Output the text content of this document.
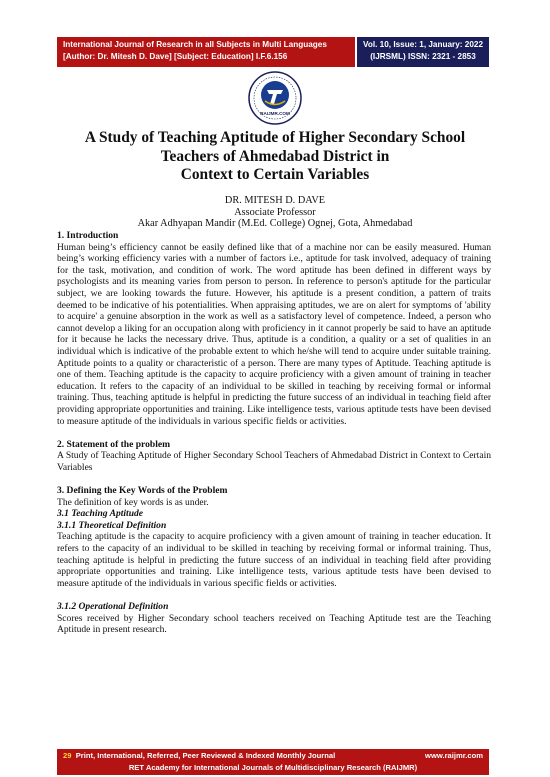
International Journal of Research in all Subjects in Multi Languages
[Author: Dr. Mitesh D. Dave] [Subject: Education] I.F.6.156
Vol. 10, Issue: 1, January: 2022
(IJRSML) ISSN: 2321 - 2853
RAIJMR.COM
A Study of Teaching Aptitude of Higher Secondary School
Teachers of Ahmedabad District in
Context to Certain Variables
DR. MITESH D. DAVE
Associate Professor
Akar Adhyapan Mandir (M.Ed. College) Ognej, Gota, Ahmedabad
1. Introduction

Human being’s efficiency cannot be easily defined like that of a machine nor can be easily measured. Human being’s working efficiency varies with a number of factors i.e., aptitude for task involved, adequacy of training for the task, motivation, and condition of work. The word aptitude has been defined in different ways by psychologists and its meaning varies from person to person. In reference to person's aptitude for the particular subject, we are looking towards the future. However, his aptitude is a present condition, a pattern of traits deemed to be indicative of his potentialities. When appraising aptitudes, we are on alert for symptoms of 'ability to acquire' a genuine absorption in the work as well as a satisfactory level of competence. Indeed, a person who cannot develop a liking for an occupation along with proficiency in it cannot properly be said to have an aptitude for it because he lacks the necessary drive. Thus, aptitude is a condition, a quality or a set of qualities in an individual which is indicative of the probable extent to which he/she will tend to acquire under suitable training. Aptitude points to a quality or characteristic of a person. There are many types of Aptitude. Teaching aptitude is one of them. Teaching aptitude is the capacity to acquire proficiency with a given amount of training in teacher education. It refers to the capacity of an individual to be skilled in teaching by receiving formal or informal training. Thus, teaching aptitude is helpful in predicting the future success of an individual in teaching field after providing appropriate opportunities and training. Like intelligence tests, various aptitude tests have been devised to measure aptitude of the individuals in various specific fields or activities.

2. Statement of the problem

A Study of Teaching Aptitude of Higher Secondary School Teachers of Ahmedabad District in Context to Certain Variables

3. Defining the Key Words of the Problem

The definition of key words is as under.

3.1 Teaching Aptitude
3.1.1 Theoretical Definition

Teaching aptitude is the capacity to acquire proficiency with a given amount of training in teacher education. It refers to the capacity of an individual to be skilled in teaching by receiving formal or informal training. Thus, teaching aptitude is helpful in predicting the future success of an individual in teaching field after providing appropriate opportunities and training. Like intelligence tests, various aptitude tests have been devised to measure aptitude of the individuals in various specific fields or activities.

3.1.2 Operational Definition

Scores received by Higher Secondary school teachers received on Teaching Aptitude test are the Teaching Aptitude in present research.

29 Print, International, Referred, Peer Reviewed & Indexed Monthly Journal	www.raijmr.com
RET Academy for International Journals of Multidisciplinary Research (RAIJMR)
